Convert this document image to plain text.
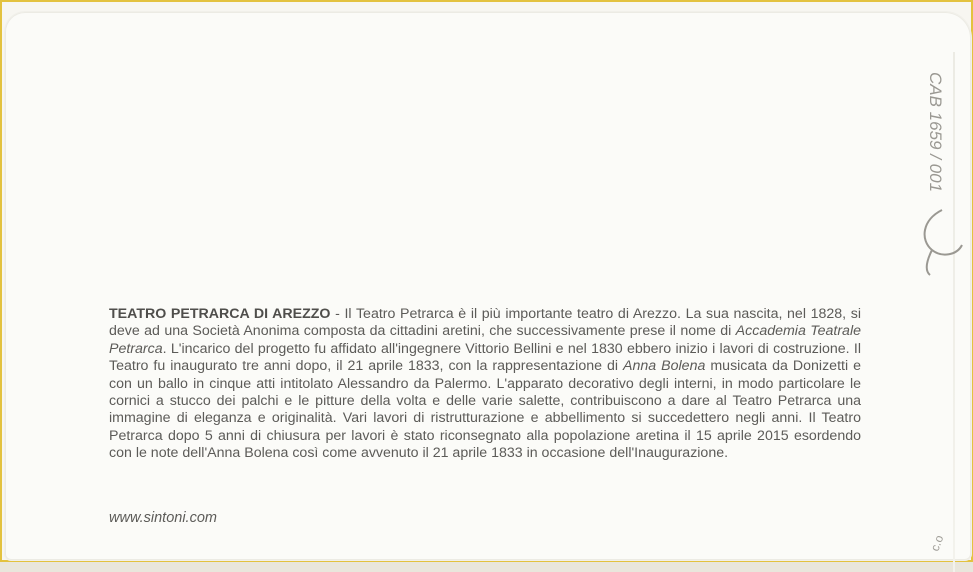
TEATRO PETRARCA DI AREZZO - Il Teatro Petrarca è il più importante teatro di Arezzo. La sua nascita, nel 1828, si deve ad una Società Anonima composta da cittadini aretini, che successivamente prese il nome di Accademia Teatrale Petrarca. L'incarico del progetto fu affidato all'ingegnere Vittorio Bellini e nel 1830 ebbero inizio i lavori di costruzione. Il Teatro fu inaugurato tre anni dopo, il 21 aprile 1833, con la rappresentazione di Anna Bolena musicata da Donizetti e con un ballo in cinque atti intitolato Alessandro da Palermo. L'apparato decorativo degli interni, in modo particolare le cornici a stucco dei palchi e le pitture della volta e delle varie salette, contribuiscono a dare al Teatro Petrarca una immagine di eleganza e originalità. Vari lavori di ristrutturazione e abbellimento si succedettero negli anni. Il Teatro Petrarca dopo 5 anni di chiusura per lavori è stato riconsegnato alla popolazione aretina il 15 aprile 2015 esordendo con le note dell'Anna Bolena così come avvenuto il 21 aprile 1833 in occasione dell'Inaugurazione.
www.sintoni.com
CAB 1659 / 001
c.o
